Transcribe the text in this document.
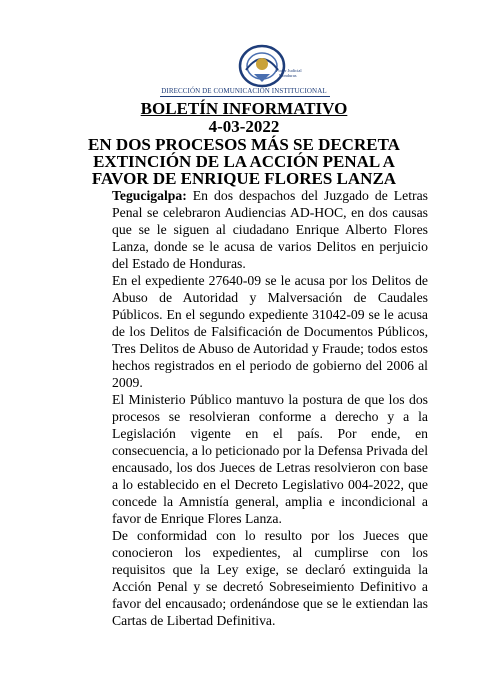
Poder Judicial
Honduras
DIRECCIÓN DE COMUNICACIÓN INSTITUCIONAL
BOLETÍN INFORMATIVO
4-03-2022
EN DOS PROCESOS MÁS SE DECRETA
EXTINCIÓN DE LA ACCIÓN PENAL A
FAVOR DE ENRIQUE FLORES LANZA

Tegucigalpa: En dos despachos del Juzgado de Letras Penal se celebraron Audiencias AD-HOC, en dos causas que se le siguen al ciudadano Enrique Alberto Flores Lanza, donde se le acusa de varios Delitos en perjuicio del Estado de Honduras.

En el expediente 27640-09 se le acusa por los Delitos de Abuso de Autoridad y Malversación de Caudales Públicos. En el segundo expediente 31042-09 se le acusa de los Delitos de Falsificación de Documentos Públicos, Tres Delitos de Abuso de Autoridad y Fraude; todos estos hechos registrados en el periodo de gobierno del 2006 al 2009.

El Ministerio Público mantuvo la postura de que los dos procesos se resolvieran conforme a derecho y a la Legislación vigente en el país. Por ende, en consecuencia, a lo peticionado por la Defensa Privada del encausado, los dos Jueces de Letras resolvieron con base a lo establecido en el Decreto Legislativo 004-2022, que concede la Amnistía general, amplia e incondicional a favor de Enrique Flores Lanza.

De conformidad con lo resulto por los Jueces que conocieron los expedientes, al cumplirse con los requisitos que la Ley exige, se declaró extinguida la Acción Penal y se decretó Sobreseimiento Definitivo a favor del encausado; ordenándose que se le extiendan las Cartas de Libertad Definitiva.
